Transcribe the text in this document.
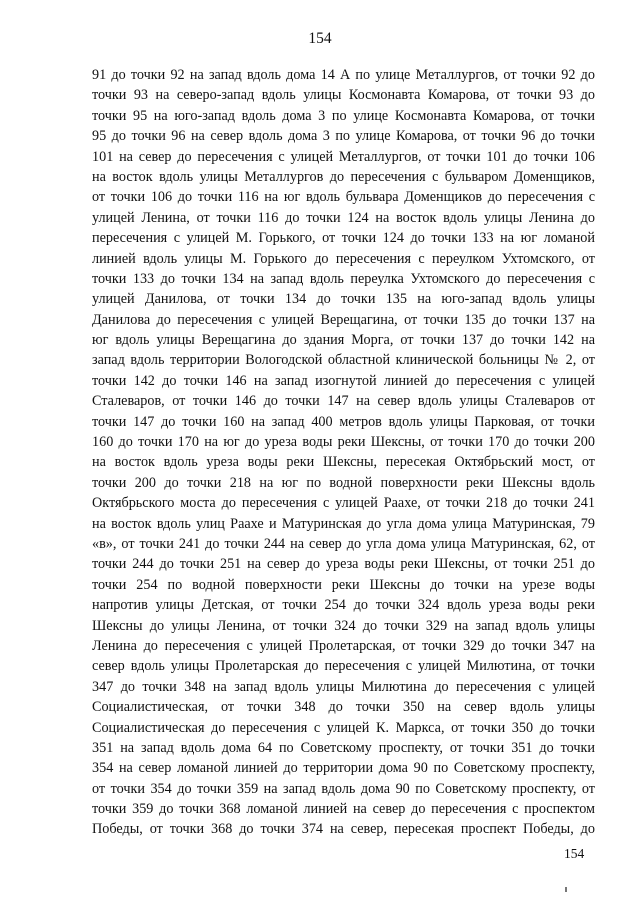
154
91 до точки 92 на запад вдоль дома 14 А по улице Металлургов, от точки 92 до
точки 93 на северо-запад вдоль улицы Космонавта Комарова, от точки 93 до
точки 95 на юго-запад вдоль дома 3 по улице Космонавта Комарова, от точки
95 до точки 96 на север вдоль дома 3 по улице Комарова, от точки 96 до точки
101 на север до пересечения с улицей Металлургов, от точки 101 до точки 106
на восток вдоль улицы Металлургов до пересечения с бульваром Доменщиков,
от точки 106 до точки 116 на юг вдоль бульвара Доменщиков до пересечения с
улицей Ленина, от точки 116 до точки 124 на восток вдоль улицы Ленина до
пересечения с улицей М. Горького, от точки 124 до точки 133 на юг ломаной
линией вдоль улицы М. Горького до пересечения с переулком Ухтомского, от
точки 133 до точки 134 на запад вдоль переулка Ухтомского до пересечения с
улицей Данилова, от точки 134 до точки 135 на юго-запад вдоль улицы
Данилова до пересечения с улицей Верещагина, от точки 135 до точки 137 на
юг вдоль улицы Верещагина до здания Морга, от точки 137 до точки 142 на
запад вдоль территории Вологодской областной клинической больницы № 2, от
точки 142 до точки 146 на запад изогнутой линией до пересечения с улицей
Сталеваров, от точки 146 до точки 147 на север вдоль улицы Сталеваров от
точки 147 до точки 160 на запад 400 метров вдоль улицы Парковая, от точки
160 до точки 170 на юг до уреза воды реки Шексны, от точки 170 до точки 200
на восток вдоль уреза воды реки Шексны, пересекая Октябрьский мост, от
точки 200 до точки 218 на юг по водной поверхности реки Шексны вдоль
Октябрьского моста до пересечения с улицей Раахе, от точки 218 до точки 241
на восток вдоль улиц Раахе и Матуринская до угла дома улица Матуринская, 79
«в», от точки 241 до точки 244 на север до угла дома улица Матуринская, 62, от
точки 244 до точки 251 на север до уреза воды реки Шексны, от точки 251 до
точки 254 по водной поверхности реки Шексны до точки на урезе воды
напротив улицы Детская, от точки 254 до точки 324 вдоль уреза воды реки
Шексны до улицы Ленина, от точки 324 до точки 329 на запад вдоль улицы
Ленина до пересечения с улицей Пролетарская, от точки 329 до точки 347 на
север вдоль улицы Пролетарская до пересечения с улицей Милютина, от точки
347 до точки 348 на запад вдоль улицы Милютина до пересечения с улицей
Социалистическая, от точки 348 до точки 350 на север вдоль улицы
Социалистическая до пересечения с улицей К. Маркса, от точки 350 до точки
351 на запад вдоль дома 64 по Советскому проспекту, от точки 351 до точки
354 на север ломаной линией до территории дома 90 по Советскому проспекту,
от точки 354 до точки 359 на запад вдоль дома 90 по Советскому проспекту, от
точки 359 до точки 368 ломаной линией на север до пересечения с проспектом
Победы, от точки 368 до точки 374 на север, пересекая проспект Победы, до
154
